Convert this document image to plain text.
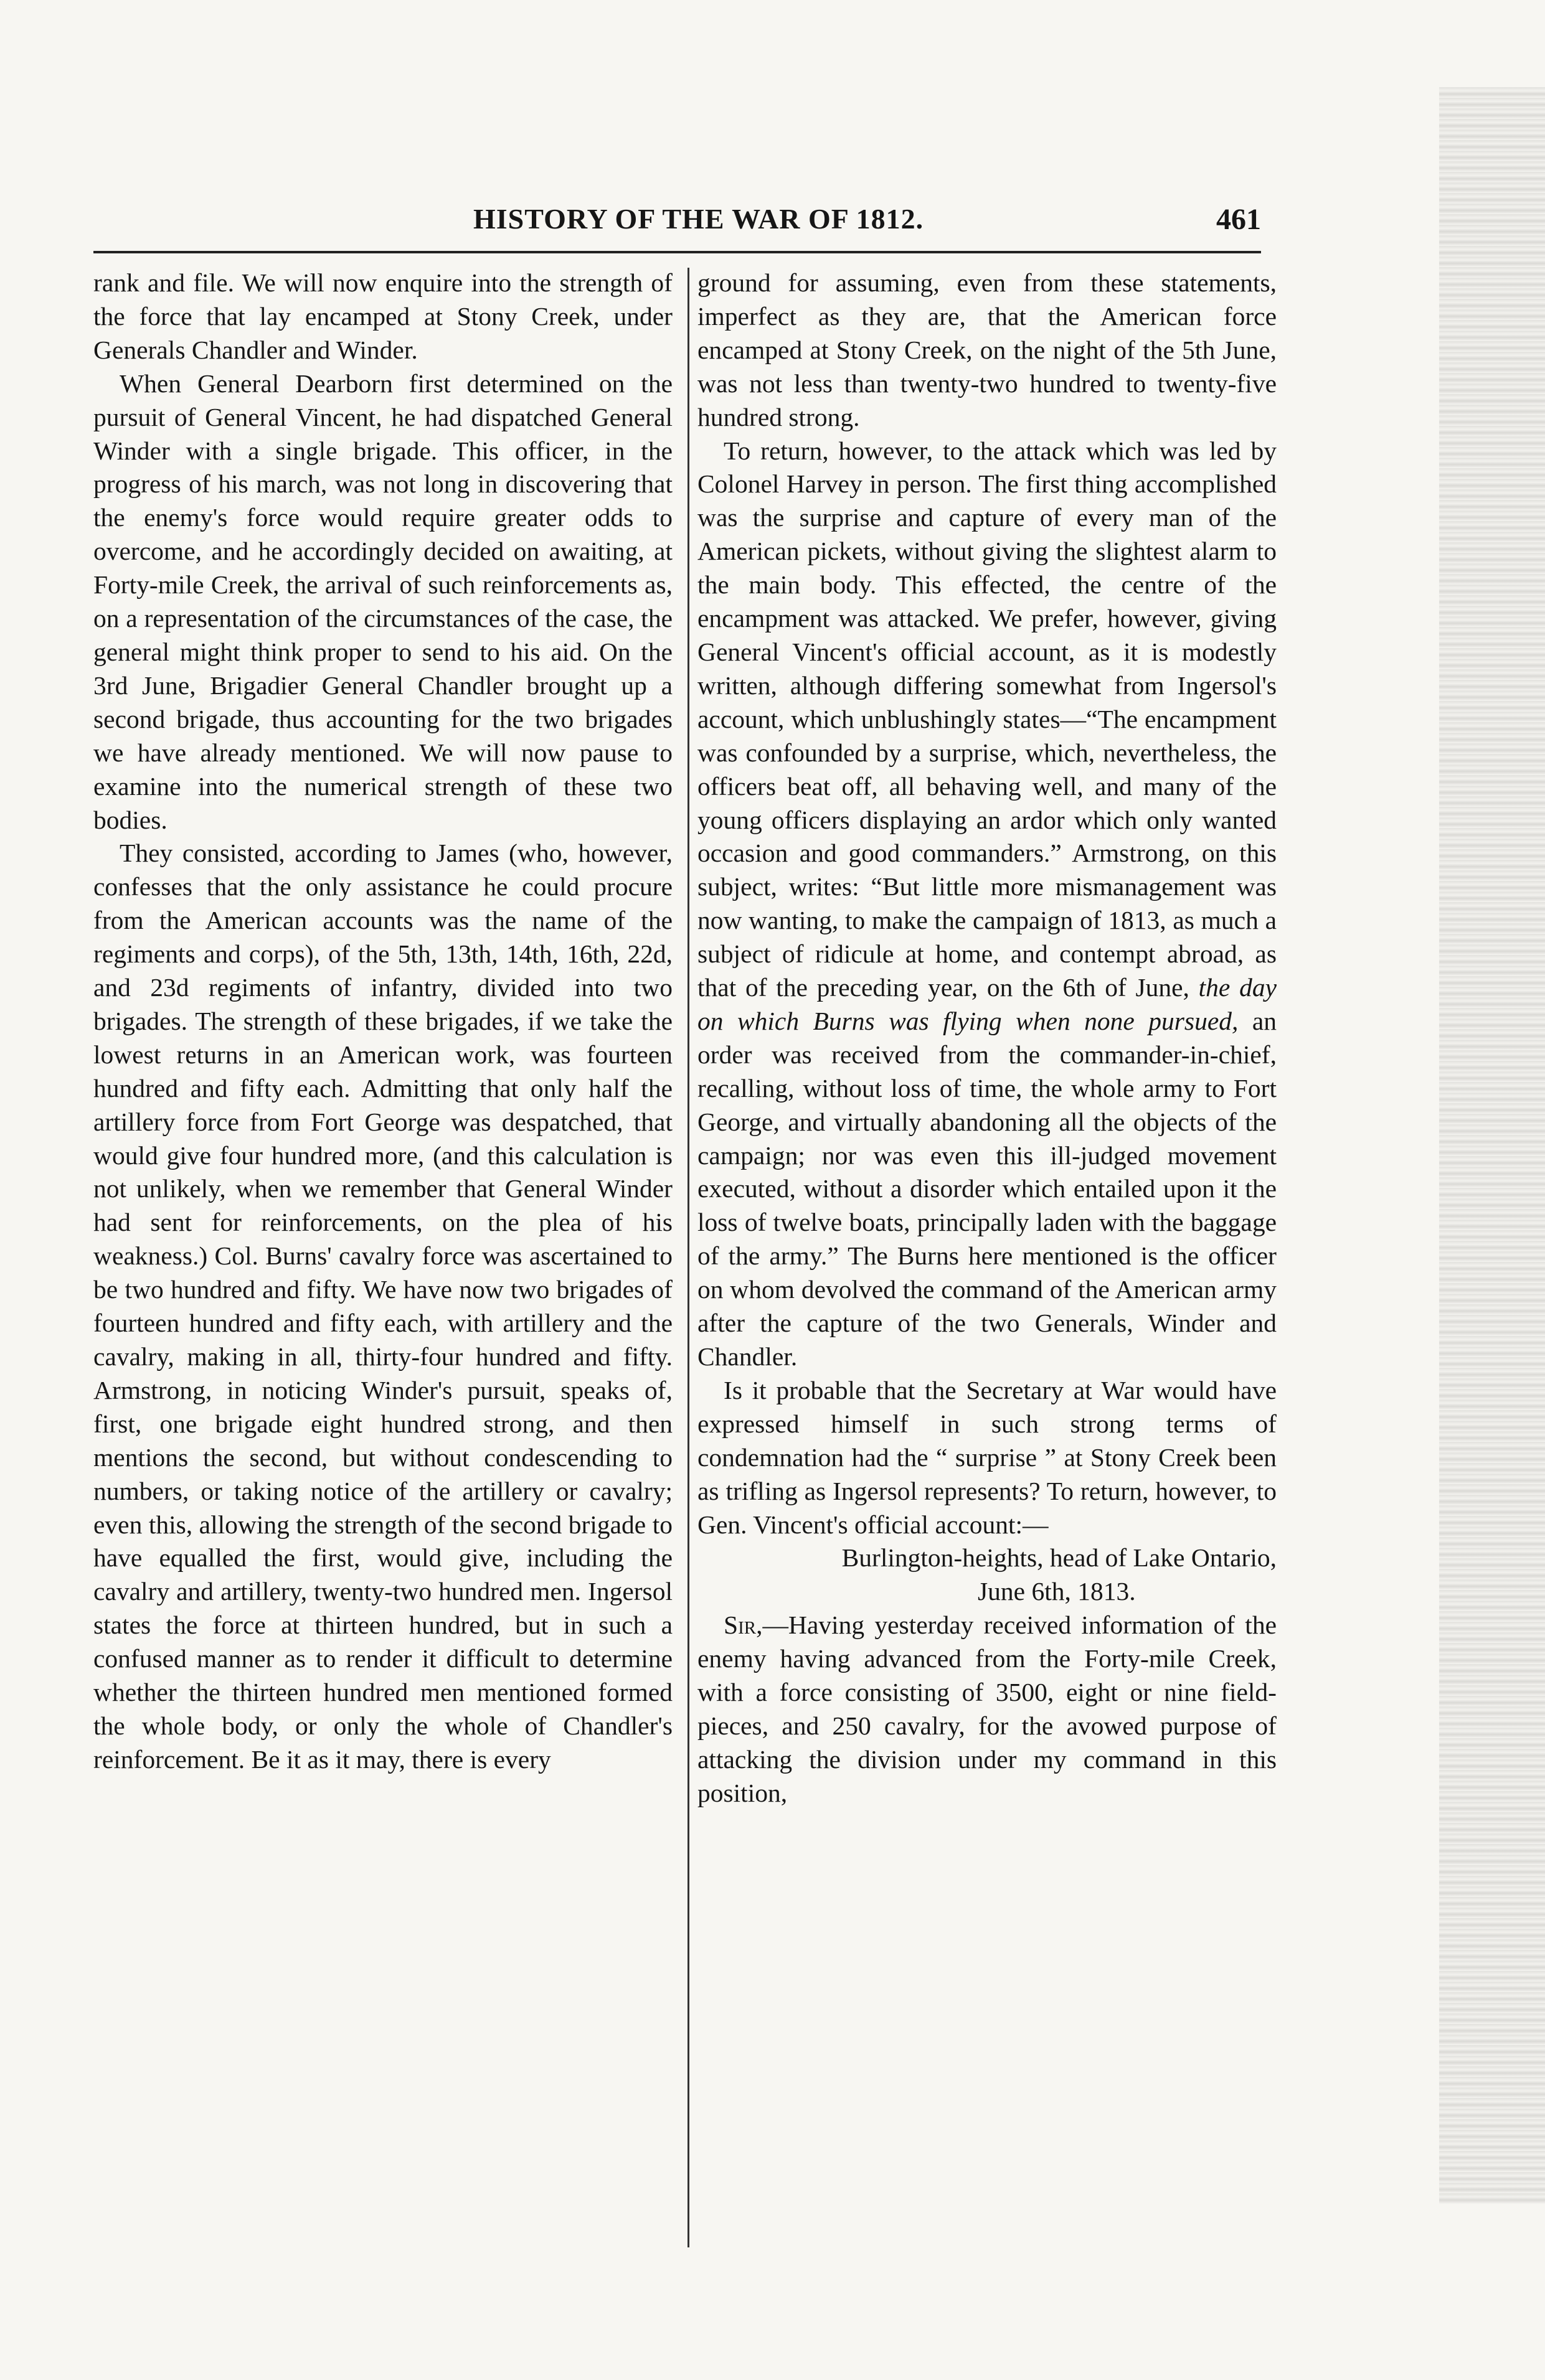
HISTORY OF THE WAR OF 1812.	461

rank and file. We will now enquire into the strength of the force that lay encamped at Stony Creek, under Generals Chandler and Winder.

When General Dearborn first determined on the pursuit of General Vincent, he had dispatched General Winder with a single brigade. This officer, in the progress of his march, was not long in discovering that the enemy's force would require greater odds to overcome, and he accordingly decided on awaiting, at Forty-mile Creek, the arrival of such reinforcements as, on a representation of the circumstances of the case, the general might think proper to send to his aid. On the 3rd June, Brigadier General Chandler brought up a second brigade, thus accounting for the two brigades we have already mentioned. We will now pause to examine into the numerical strength of these two bodies.

They consisted, according to James (who, however, confesses that the only assistance he could procure from the American accounts was the name of the regiments and corps), of the 5th, 13th, 14th, 16th, 22d, and 23d regiments of infantry, divided into two brigades. The strength of these brigades, if we take the lowest returns in an American work, was fourteen hundred and fifty each. Admitting that only half the artillery force from Fort George was despatched, that would give four hundred more, (and this calculation is not unlikely, when we remember that General Winder had sent for reinforcements, on the plea of his weakness.) Col. Burns' cavalry force was ascertained to be two hundred and fifty. We have now two brigades of fourteen hundred and fifty each, with artillery and the cavalry, making in all, thirty-four hundred and fifty. Armstrong, in noticing Winder's pursuit, speaks of, first, one brigade eight hundred strong, and then mentions the second, but without condescending to numbers, or taking notice of the artillery or cavalry; even this, allowing the strength of the second brigade to have equalled the first, would give, including the cavalry and artillery, twenty-two hundred men. Ingersol states the force at thirteen hundred, but in such a confused manner as to render it difficult to determine whether the thirteen hundred men mentioned formed the whole body, or only the whole of Chandler's reinforcement. Be it as it may, there is every

ground for assuming, even from these statements, imperfect as they are, that the American force encamped at Stony Creek, on the night of the 5th June, was not less than twenty-two hundred to twenty-five hundred strong.

To return, however, to the attack which was led by Colonel Harvey in person. The first thing accomplished was the surprise and capture of every man of the American pickets, without giving the slightest alarm to the main body. This effected, the centre of the encampment was attacked. We prefer, however, giving General Vincent's official account, as it is modestly written, although differing somewhat from Ingersol's account, which unblushingly states—“The encampment was confounded by a surprise, which, nevertheless, the officers beat off, all behaving well, and many of the young officers displaying an ardor which only wanted occasion and good commanders.” Armstrong, on this subject, writes: “But little more mismanagement was now wanting, to make the campaign of 1813, as much a subject of ridicule at home, and contempt abroad, as that of the preceding year, on the 6th of June, the day on which Burns was flying when none pursued, an order was received from the commander-in-chief, recalling, without loss of time, the whole army to Fort George, and virtually abandoning all the objects of the campaign; nor was even this ill-judged movement executed, without a disorder which entailed upon it the loss of twelve boats, principally laden with the baggage of the army.” The Burns here mentioned is the officer on whom devolved the command of the American army after the capture of the two Generals, Winder and Chandler.

Is it probable that the Secretary at War would have expressed himself in such strong terms of condemnation had the “ surprise ” at Stony Creek been as trifling as Ingersol represents? To return, however, to Gen. Vincent's official account:—

Burlington-heights, head of Lake Ontario,

June 6th, 1813.

Sir,—Having yesterday received information of the enemy having advanced from the Forty-mile Creek, with a force consisting of 3500, eight or nine field-pieces, and 250 cavalry, for the avowed purpose of attacking the division under my command in this position,
